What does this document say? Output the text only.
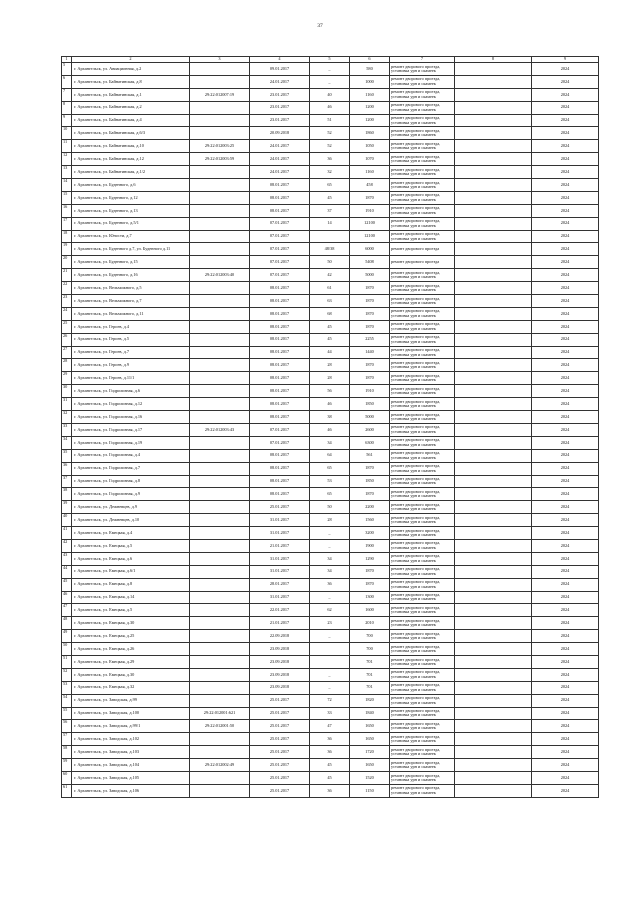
37
1	2	3	4	5	6	7	8	9
5	г. Архангельск, ул. Авиационная, д.2		09.01.2017	_	580	ремонт дворового проезда, установка урн и скамеек		2024
6	г. Архангельск, ул. Байнатинская, д.8		24.01.2017	_	1000	ремонт дворового проезда, установка урн и скамеек		2024
7	г. Архангельск, ул. Байнатинская, д.1	29:22:012007:19	23.01.2017	40	1160	ремонт дворового проезда, установка урн и скамеек		2024
8	г. Архангельск, ул. Байнатинская, д.2		23.01.2017	46	1200	ремонт дворового проезда, установка урн и скамеек		2024
9	г. Архангельск, ул. Байнатинская, д.4		23.01.2017	51	1200	ремонт дворового проезда, установка урн и скамеек		2024
10	г. Архангельск, ул. Байнатинская, д.6/3		20.09.2018	52	1860	ремонт дворового проезда, установка урн и скамеек		2024
11	г. Архангельск, ул. Байнатинская, д.10	29:22:012003:25	24.01.2017	52	1050	ремонт дворового проезда, установка урн и скамеек		2024
12	г. Архангельск, ул. Байнатинская, д.12	29:22:012003:59	24.01.2017	36	1070	ремонт дворового проезда, установка урн и скамеек		2024
13	г. Архангельск, ул. Байнатинская, д.1/2		24.01.2017	32	1160	ремонт дворового проезда, установка урн и скамеек		2024
14	г. Архангельск, ул. Буденного, д.6		08.01.2017	65	458	ремонт дворового проезда, установка урн и скамеек		2024
15	г. Архангельск, ул. Буденного, д.12		08.01.2017	45	1870	ремонт дворового проезда, установка урн и скамеек		2024
16	г. Архангельск, ул. Буденного, д.13		08.01.2017	37	1910	ремонт дворового проезда, установка урн и скамеек		2024
17	г. Архангельск, ул. Буденного, д.5/1		07.01.2017	14	12100	ремонт дворового проезда, установка урн и скамеек		2024
18	г. Архангельск, ул. Юности, д.7		07.01.2017		12100	ремонт дворового проезда, установка урн и скамеек		2024
19	г. Архангельск, ул. Буденного д.7, ул. Буденного д.11		07.01.2017	48/38	6000	ремонт дворового проезда		2024
20	г. Архангельск, ул. Буденного, д.15		07.01.2017	50	5408	ремонт дворового проезда		2024
21	г. Архангельск, ул. Буденного, д.16	29:22:012003:40	07.01.2017	42	5000	ремонт дворового проезда, установка урн и скамеек		2024
22	г. Архангельск, ул. Вельможного, д.5		08.01.2017	61	1870	ремонт дворового проезда, установка урн и скамеек		2024
23	г. Архангельск, ул. Вельможного, д.7		08.01.2017	63	1870	ремонт дворового проезда, установка урн и скамеек		2024
24	г. Архангельск, ул. Вельможного, д.11		08.01.2017	68	1870	ремонт дворового проезда, установка урн и скамеек		2024
25	г. Архангельск, ул. Героев, д.4		08.01.2017	45	1870	ремонт дворового проезда, установка урн и скамеек		2024
26	г. Архангельск, ул. Героев, д.5		08.01.2017	45	2255	ремонт дворового проезда, установка урн и скамеек		2024
27	г. Архангельск, ул. Героев, д.7		08.01.2017	44	1440	ремонт дворового проезда, установка урн и скамеек		2024
28	г. Архангельск, ул. Героев, д.9		08.01.2017	28	1870	ремонт дворового проезда, установка урн и скамеек		2024
29	г. Архангельск, ул. Героев, д.11/1		08.01.2017	28	1870	ремонт дворового проезда, установка урн и скамеек		2024
30	г. Архангельск, ул. Гидролизная, д.6		08.01.2017	56	1910	ремонт дворового проезда, установка урн и скамеек		2024
31	г. Архангельск, ул. Гидролизная, д.12		08.01.2017	46	1850	ремонт дворового проезда, установка урн и скамеек		2024
32	г. Архангельск, ул. Гидролизная, д.16		08.01.2017	38	5000	ремонт дворового проезда, установка урн и скамеек		2024
33	г. Архангельск, ул. Гидролизная, д.17	29:22:012003:43	07.01.2017	46	2600	ремонт дворового проезда, установка урн и скамеек		2024
34	г. Архангельск, ул. Гидролизная, д.19		07.01.2017	34	6300	ремонт дворового проезда, установка урн и скамеек		2024
35	г. Архангельск, ул. Гидролизная, д.4		08.01.2017	64	561	ремонт дворового проезда, установка урн и скамеек		2024
36	г. Архангельск, ул. Гидролизная, д.7		08.01.2017	65	1870	ремонт дворового проезда, установка урн и скамеек		2024
37	г. Архангельск, ул. Гидролизная, д.8		08.01.2017	53	1850	ремонт дворового проезда, установка урн и скамеек		2024
38	г. Архангельск, ул. Гидролизная, д.9		08.01.2017	65	1870	ремонт дворового проезда, установка урн и скамеек		2024
39	г. Архангельск, ул. Дежневцев, д.9		25.01.2017	50	2200	ремонт дворового проезда, установка урн и скамеек		2024
40	г. Архангельск, ул. Дежневцев, д.10		31.01.2017	28	1560	ремонт дворового проезда, установка урн и скамеек		2024
41	г. Архангельск, ул. Емецкая, д.4		31.01.2017	_	3200	ремонт дворового проезда, установка урн и скамеек		2024
42	г. Архангельск, ул. Емецкая, д.5		21.01.2017	_	1900	ремонт дворового проезда, установка урн и скамеек		2024
43	г. Архангельск, ул. Емецкая, д.6		31.01.2017	34	1290	ремонт дворового проезда, установка урн и скамеек		2024
44	г. Архангельск, ул. Емецкая, д.6/1		31.01.2017	34	1870	ремонт дворового проезда, установка урн и скамеек		2024
45	г. Архангельск, ул. Емецкая, д.8		28.01.2017	36	1870	ремонт дворового проезда, установка урн и скамеек		2024
46	г. Архангельск, ул. Емецкая, д.14		31.01.2017	_	1300	ремонт дворового проезда, установка урн и скамеек		2024
47	г. Архангельск, ул. Емецкая, д.5		22.01.2017	62	1600	ремонт дворового проезда, установка урн и скамеек		2024
48	г. Архангельск, ул. Емецкая, д.30		21.01.2017	23	2010	ремонт дворового проезда, установка урн и скамеек		2024
49	г. Архангельск, ул. Емецкая, д.25		22.09.2018	_	700	ремонт дворового проезда, установка урн и скамеек		2024
50	г. Архангельск, ул. Емецкая, д.26		23.09.2018		700	ремонт дворового проезда, установка урн и скамеек		2024
51	г. Архангельск, ул. Емецкая, д.29		23.09.2018		701	ремонт дворового проезда, установка урн и скамеек		2024
52	г. Архангельск, ул. Емецкая, д.30		23.09.2018	_	701	ремонт дворового проезда, установка урн и скамеек		2024
53	г. Архангельск, ул. Емецкая, д.32		23.09.2018	_	701	ремонт дворового проезда, установка урн и скамеек		2024
54	г. Архангельск, ул. Заводская, д.99		25.01.2017	72	1820	ремонт дворового проезда, установка урн и скамеек		2024
55	г. Архангельск, ул. Заводская, д.100	29:22:012001:621	25.01.2017	33	1840	ремонт дворового проезда, установка урн и скамеек		2024
56	г. Архангельск, ул. Заводская, д.99/1	29:22:012001:50	25.01.2017	47	1650	ремонт дворового проезда, установка урн и скамеек		2024
57	г. Архангельск, ул. Заводская, д.102		25.01.2017	36	1650	ремонт дворового проезда, установка урн и скамеек		2024
58	г. Архангельск, ул. Заводская, д.103		25.01.2017	36	1720	ремонт дворового проезда, установка урн и скамеек		2024
59	г. Архангельск, ул. Заводская, д.104	29:22:012002:49	25.01.2017	45	1650	ремонт дворового проезда, установка урн и скамеек		2024
60	г. Архангельск, ул. Заводская, д.105		25.01.2017	45	1520	ремонт дворового проезда, установка урн и скамеек		2024
61	г. Архангельск, ул. Заводская, д.106		25.01.2017	36	1150	ремонт дворового проезда, установка урн и скамеек		2024
